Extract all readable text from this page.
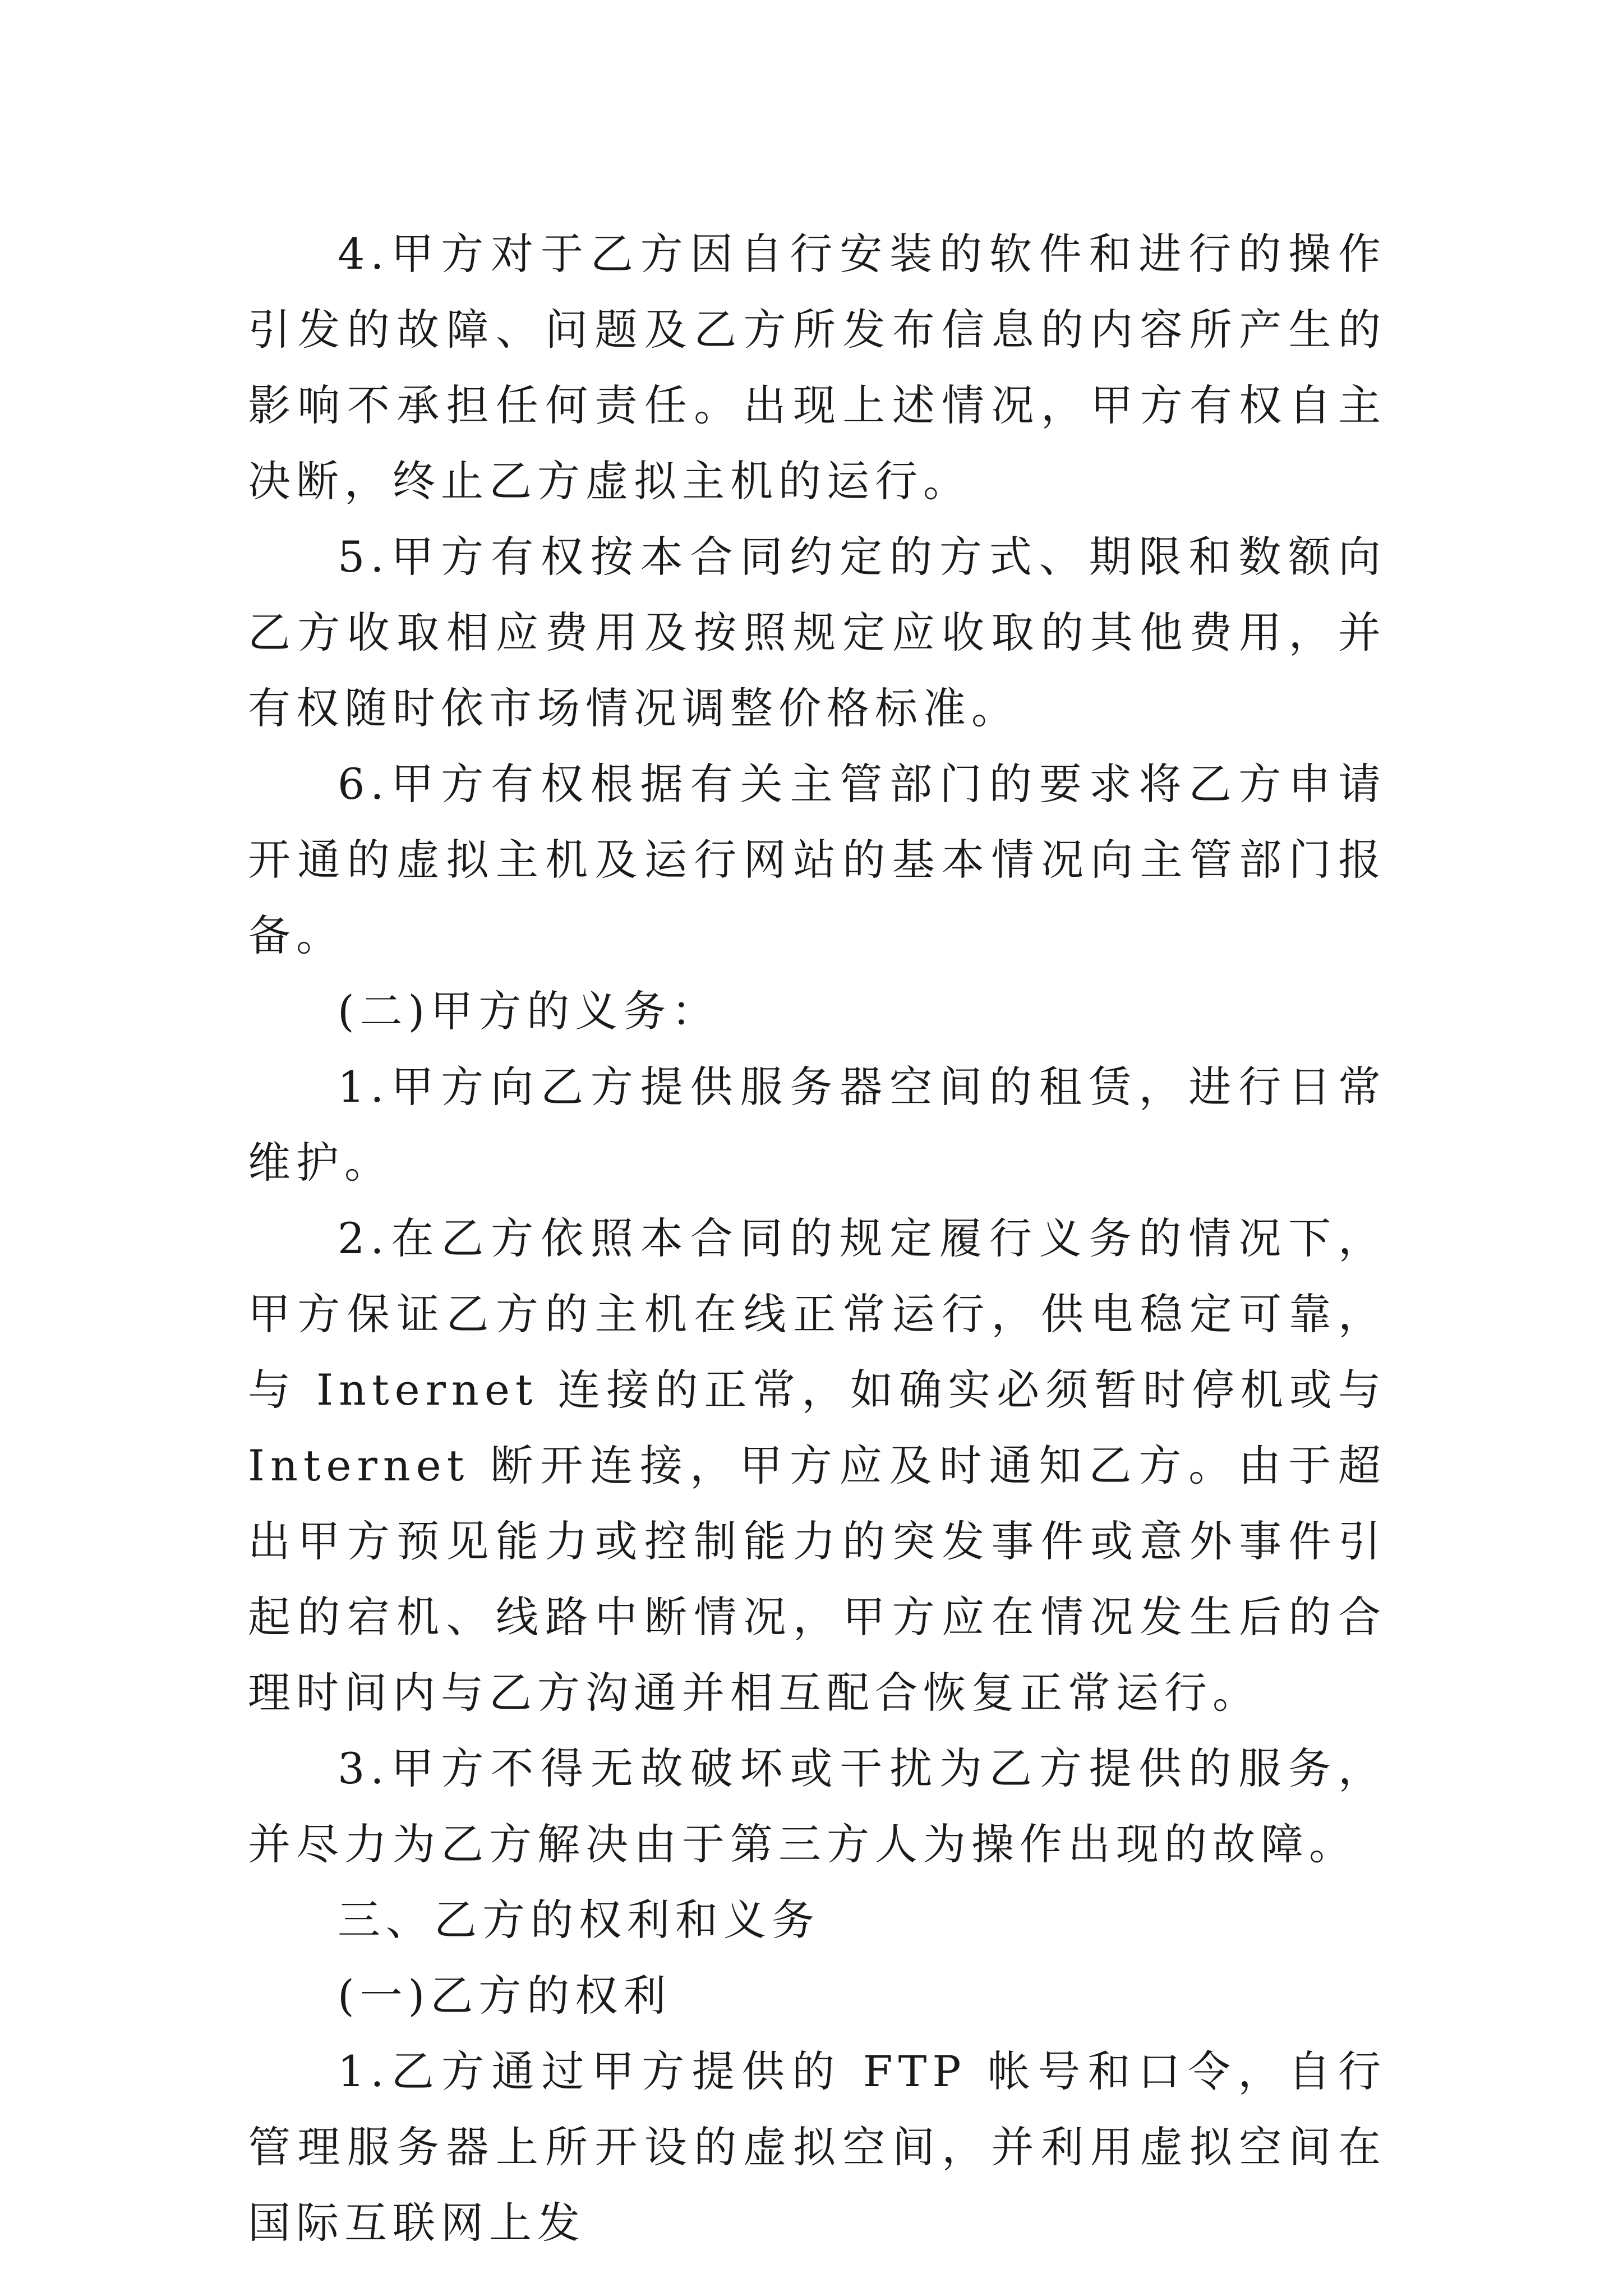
4.甲方对于乙方因自行安装的软件和进行的操作引发的故障、问题及乙方所发布信息的内容所产生的影响不承担任何责任。出现上述情况，甲方有权自主决断，终止乙方虚拟主机的运行。

5.甲方有权按本合同约定的方式、期限和数额向乙方收取相应费用及按照规定应收取的其他费用，并有权随时依市场情况调整价格标准。

6.甲方有权根据有关主管部门的要求将乙方申请开通的虚拟主机及运行网站的基本情况向主管部门报备。

(二)甲方的义务：

1.甲方向乙方提供服务器空间的租赁，进行日常维护。

2.在乙方依照本合同的规定履行义务的情况下，甲方保证乙方的主机在线正常运行，供电稳定可靠，与 Internet 连接的正常，如确实必须暂时停机或与 Internet 断开连接，甲方应及时通知乙方。由于超出甲方预见能力或控制能力的突发事件或意外事件引起的宕机、线路中断情况，甲方应在情况发生后的合理时间内与乙方沟通并相互配合恢复正常运行。

3.甲方不得无故破坏或干扰为乙方提供的服务，并尽力为乙方解决由于第三方人为操作出现的故障。

三、乙方的权利和义务

(一)乙方的权利

1.乙方通过甲方提供的 FTP 帐号和口令，自行管理服务器上所开设的虚拟空间，并利用虚拟空间在国际互联网上发
